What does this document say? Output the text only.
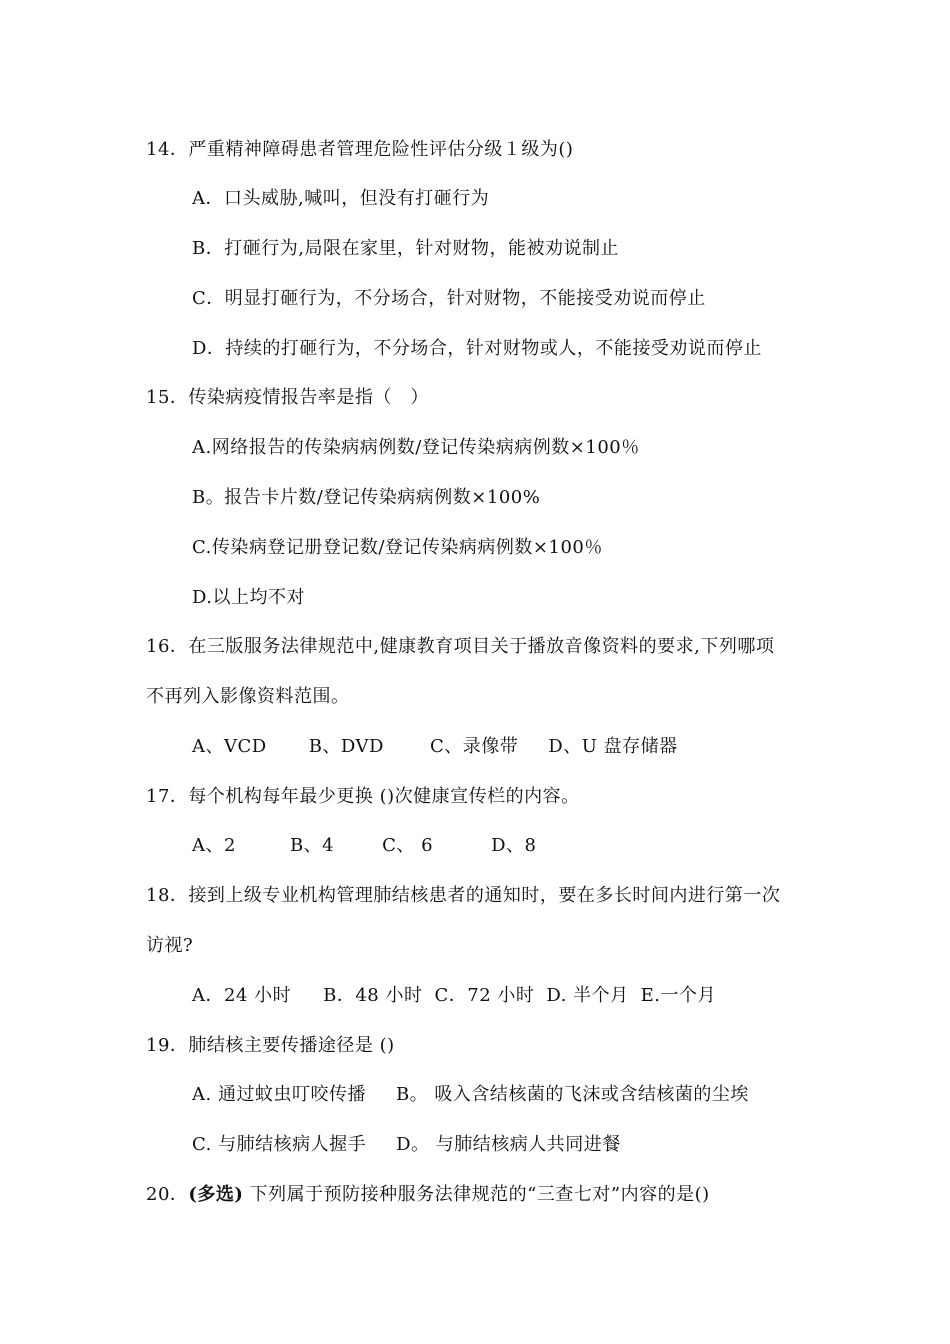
14．严重精神障碍患者管理危险性评估分级１级为()
A．口头威胁,喊叫，但没有打砸行为
B．打砸行为,局限在家里，针对财物，能被劝说制止
C．明显打砸行为，不分场合，针对财物，不能接受劝说而停止
D．持续的打砸行为，不分场合，针对财物或人，不能接受劝说而停止
15．传染病疫情报告率是指（　）
A.网络报告的传染病病例数/登记传染病病例数×100％
B。报告卡片数/登记传染病病例数×100%
C.传染病登记册登记数/登记传染病病例数×100％
D.以上均不对
16．在三版服务法律规范中,健康教育项目关于播放音像资料的要求,下列哪项
不再列入影像资料范围。
A、VCD B、DVD	C、录像带 D、U 盘存储器
17．每个机构每年最少更换 ()次健康宣传栏的内容。
A、2	B、4	C、 6	D、8
18．接到上级专业机构管理肺结核患者的通知时，要在多长时间内进行第一次
访视?
A．24 小时 B．48 小时 C．72 小时 D. 半个月 E.一个月
19．肺结核主要传播途径是 ()
A. 通过蚊虫叮咬传播 B。 吸入含结核菌的飞沫或含结核菌的尘埃
C. 与肺结核病人握手 D。 与肺结核病人共同进餐
20．(多选) 下列属于预防接种服务法律规范的“三查七对”内容的是()
